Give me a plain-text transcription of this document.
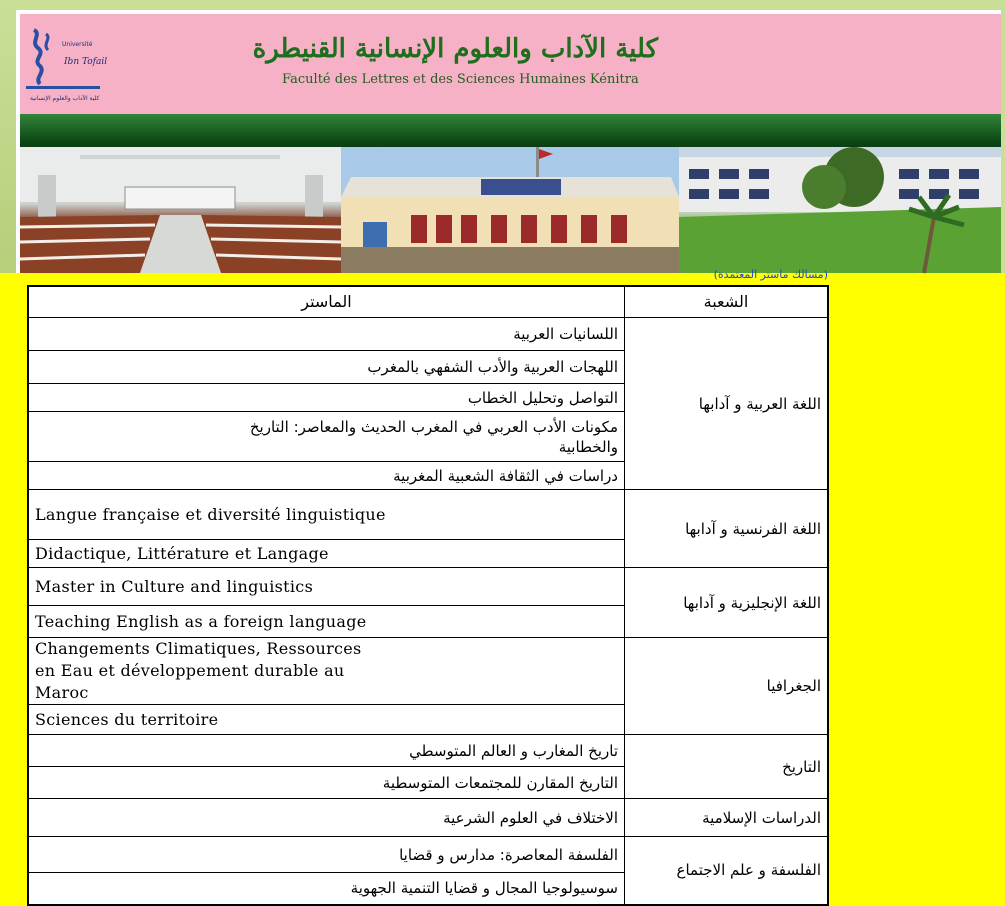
Ibn Tofail
Université
كلية الآداب والعلوم الإنسانية
كلية الآداب والعلوم الإنسانية القنيطرة
Faculté des Lettres et des Sciences Humaines Kénitra
(مسالك ماستر المعتمدة)
الماستر	الشعبة
اللسانيات العربية	اللغة العربية و آدابها
اللهجات العربية والأدب الشفهي بالمغرب	
التواصل وتحليل الخطاب	
مكونات الأدب العربي في المغرب الحديث والمعاصر: التاريخ والخطابية	
دراسات في الثقافة الشعبية المغربية	
Langue française et diversité linguistique	اللغة الفرنسية و آدابها
Didactique, Littérature et Langage	
Master in Culture and linguistics	اللغة الإنجليزية و آدابها
Teaching English as a foreign language	
Changements Climatiques, Ressources en Eau et développement durable au Maroc	الجغرافيا
Sciences du territoire	
تاريخ المغارب و العالم المتوسطي	التاريخ
التاريخ المقارن للمجتمعات المتوسطية	
الاختلاف في العلوم الشرعية	الدراسات الإسلامية
الفلسفة المعاصرة: مدارس و قضايا	الفلسفة و علم الاجتماع
سوسيولوجيا المجال و قضايا التنمية الجهوية	
